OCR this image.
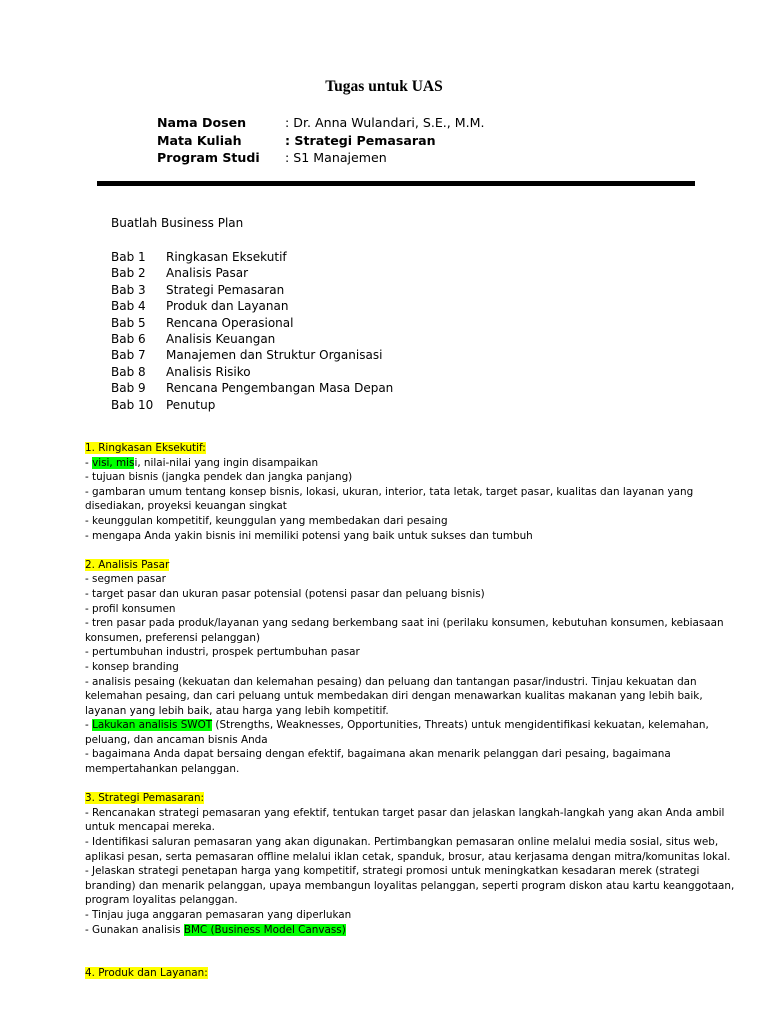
Tugas untuk UAS
Nama Dosen	: Dr. Anna Wulandari, S.E., M.M.
Mata Kuliah	: Strategi Pemasaran
Program Studi	: S1 Manajemen
Buatlah Business Plan
Bab 1	Ringkasan Eksekutif
Bab 2	Analisis Pasar
Bab 3	Strategi Pemasaran
Bab 4	Produk dan Layanan
Bab 5	Rencana Operasional
Bab 6	Analisis Keuangan
Bab 7	Manajemen dan Struktur Organisasi
Bab 8	Analisis Risiko
Bab 9	Rencana Pengembangan Masa Depan
Bab 10	Penutup
1. Ringkasan Eksekutif:
- visi, misi, nilai-nilai yang ingin disampaikan
- tujuan bisnis (jangka pendek dan jangka panjang)
- gambaran umum tentang konsep bisnis, lokasi, ukuran, interior, tata letak, target pasar, kualitas dan layanan yang disediakan, proyeksi keuangan singkat
- keunggulan kompetitif, keunggulan yang membedakan dari pesaing
- mengapa Anda yakin bisnis ini memiliki potensi yang baik untuk sukses dan tumbuh
2. Analisis Pasar
- segmen pasar
- target pasar dan ukuran pasar potensial (potensi pasar dan peluang bisnis)
- profil konsumen
- tren pasar pada produk/layanan yang sedang berkembang saat ini (perilaku konsumen, kebutuhan konsumen, kebiasaan konsumen, preferensi pelanggan)
- pertumbuhan industri, prospek pertumbuhan pasar
- konsep branding
- analisis pesaing (kekuatan dan kelemahan pesaing) dan peluang dan tantangan pasar/industri. Tinjau kekuatan dan kelemahan pesaing, dan cari peluang untuk membedakan diri dengan menawarkan kualitas makanan yang lebih baik, layanan yang lebih baik, atau harga yang lebih kompetitif.
- Lakukan analisis SWOT (Strengths, Weaknesses, Opportunities, Threats) untuk mengidentifikasi kekuatan, kelemahan, peluang, dan ancaman bisnis Anda
- bagaimana Anda dapat bersaing dengan efektif, bagaimana akan menarik pelanggan dari pesaing, bagaimana mempertahankan pelanggan.
3. Strategi Pemasaran:
- Rencanakan strategi pemasaran yang efektif, tentukan target pasar dan jelaskan langkah-langkah yang akan Anda ambil untuk mencapai mereka.
- Identifikasi saluran pemasaran yang akan digunakan. Pertimbangkan pemasaran online melalui media sosial, situs web, aplikasi pesan, serta pemasaran offline melalui iklan cetak, spanduk, brosur, atau kerjasama dengan mitra/komunitas lokal.
- Jelaskan strategi penetapan harga yang kompetitif, strategi promosi untuk meningkatkan kesadaran merek (strategi branding) dan menarik pelanggan, upaya membangun loyalitas pelanggan, seperti program diskon atau kartu keanggotaan, program loyalitas pelanggan.
- Tinjau juga anggaran pemasaran yang diperlukan
- Gunakan analisis BMC (Business Model Canvass)
4. Produk dan Layanan:
